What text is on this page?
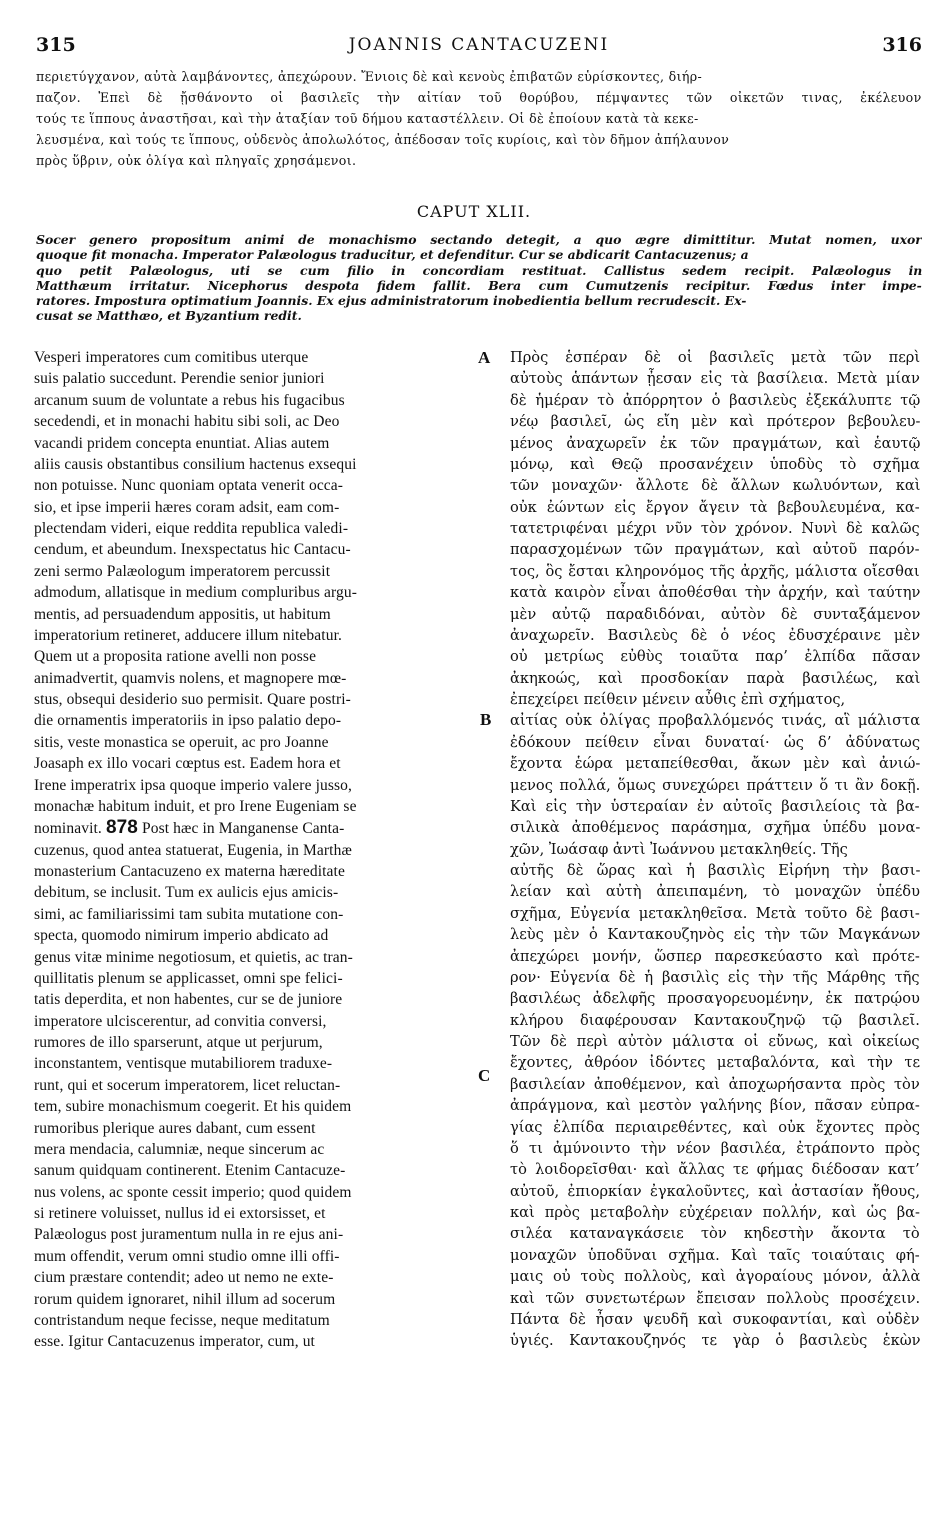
315	JOANNIS CANTACUZENI	316
περιετύγχανον, αὐτὰ λαμβάνοντες, ἀπεχώρουν. Ἔνιοις δὲ καὶ κενοὺς ἐπιβατῶν εὑρίσκοντες, διήρ-
παζον. Ἐπεὶ δὲ ᾔσθάνοντο οἱ βασιλεῖς τὴν αἰτίαν τοῦ θορύβου, πέμψαντες τῶν οἰκετῶν τινας, ἐκέλευον
τούς τε ἵππους ἀναστῆσαι, καὶ τὴν ἀταξίαν τοῦ δήμου καταστέλλειν. Οἱ δὲ ἐποίουν κατὰ τὰ κεκε-
λευσμένα, καὶ τούς τε ἵππους, οὐδενὸς ἀπολωλότος, ἀπέδοσαν τοῖς κυρίοις, καὶ τὸν δῆμον ἀπήλαυνον
πρὸς ὕβριν, οὐκ ὀλίγα καὶ πληγαῖς χρησάμενοι.
CAPUT XLII.
Socer genero propositum animi de monachismo sectando detegit, a quo ægre dimittitur. Mutat nomen, uxor
quoque fit monacha. Imperator Palæologus traducitur, et defenditur. Cur se abdicarit Cantacuzenus; a
quo petit Palæologus, uti se cum filio in concordiam restituat. Callistus sedem recipit. Palæologus in
Matthæum irritatur. Nicephorus despota fidem fallit. Bera cum Cumutzenis recipitur. Fœdus inter impe-
ratores. Impostura optimatium Joannis. Ex ejus administratorum inobedientia bellum recrudescit. Ex-
cusat se Matthæo, et Byzantium redit.
Vesperi imperatores cum comitibus uterque
suis palatio succedunt. Perendie senior juniori
arcanum suum de voluntate a rebus his fugacibus
secedendi, et in monachi habitu sibi soli, ac Deo
vacandi pridem concepta enuntiat. Alias autem
aliis causis obstantibus consilium hactenus exsequi
non potuisse. Nunc quoniam optata venerit occa-
sio, et ipse imperii hæres coram adsit, eam com-
plectendam videri, eique reddita republica valedi-
cendum, et abeundum. Inexspectatus hic Cantacu-
zeni sermo Palæologum imperatorem percussit
admodum, allatisque in medium compluribus argu-
mentis, ad persuadendum appositis, ut habitum
imperatorium retineret, adducere illum nitebatur.
Quem ut a proposita ratione avelli non posse
animadvertit, quamvis nolens, et magnopere mœ-
stus, obsequi desiderio suo permisit. Quare postri-
die ornamentis imperatoriis in ipso palatio depo-
sitis, veste monastica se operuit, ac pro Joanne
Joasaph ex illo vocari cœptus est. Eadem hora et
Irene imperatrix ipsa quoque imperio valere jusso,
monachæ habitum induit, et pro Irene Eugeniam se
nominavit. 878 Post hæc in Manganense Canta-
cuzenus, quod antea statuerat, Eugenia, in Marthæ
monasterium Cantacuzeno ex materna hæreditate
debitum, se inclusit. Tum ex aulicis ejus amicis-
simi, ac familiarissimi tam subita mutatione con-
specta, quomodo nimirum imperio abdicato ad
genus vitæ minime negotiosum, et quietis, ac tran-
quillitatis plenum se applicasset, omni spe felici-
tatis deperdita, et non habentes, cur se de juniore
imperatore ulciscerentur, ad convitia conversi,
rumores de illo sparserunt, atque ut perjurum,
inconstantem, ventisque mutabiliorem traduxe-
runt, qui et socerum imperatorem, licet reluctan-
tem, subire monachismum coegerit. Et his quidem
rumoribus plerique aures dabant, cum essent
mera mendacia, calumniæ, neque sincerum ac
sanum quidquam continerent. Etenim Cantacuze-
nus volens, ac sponte cessit imperio; quod quidem
si retinere voluisset, nullus id ei extorsisset, et
Palæologus post juramentum nulla in re ejus ani-
mum offendit, verum omni studio omne illi offi-
cium præstare contendit; adeo ut nemo ne exte-
rorum quidem ignoraret, nihil illum ad socerum
contristandum neque fecisse, neque meditatum
esse. Igitur Cantacuzenus imperator, cum, ut
A
B
C
Πρὸς ἑσπέραν δὲ οἱ βασιλεῖς μετὰ τῶν περὶ
αὐτοὺς ἁπάντων ᾖεσαν εἰς τὰ βασίλεια. Μετὰ μίαν
δὲ ἡμέραν τὸ ἀπόρρητον ὁ βασιλεὺς ἐξεκάλυπτε τῷ
νέῳ βασιλεῖ, ὡς εἴη μὲν καὶ πρότερον βεβουλευ-
μένος ἀναχωρεῖν ἐκ τῶν πραγμάτων, καὶ ἑαυτῷ
μόνῳ, καὶ Θεῷ προσανέχειν ὑποδὺς τὸ σχῆμα
τῶν μοναχῶν· ἄλλοτε δὲ ἄλλων κωλυόντων, καὶ
οὐκ ἐώντων εἰς ἔργον ἄγειν τὰ βεβουλευμένα, κα-
τατετριφέναι μέχρι νῦν τὸν χρόνον. Νυνὶ δὲ καλῶς
παρασχομένων τῶν πραγμάτων, καὶ αὐτοῦ παρόν-
τος, ὃς ἔσται κληρονόμος τῆς ἀρχῆς, μάλιστα οἴεσθαι
κατὰ καιρὸν εἶναι ἀποθέσθαι τὴν ἀρχήν, καὶ ταύτην
μὲν αὐτῷ παραδιδόναι, αὐτὸν δὲ συνταξάμενον
ἀναχωρεῖν. Βασιλεὺς δὲ ὁ νέος ἐδυσχέραινε μὲν
οὐ μετρίως εὐθὺς τοιαῦτα παρ’ ἐλπίδα πᾶσαν
ἀκηκοώς, καὶ προσδοκίαν παρὰ βασιλέως, καὶ
ἐπεχείρει πείθειν μένειν αὖθις ἐπὶ σχήματος,
αἰτίας οὐκ ὀλίγας προβαλλόμενός τινάς, αἳ μάλιστα
ἐδόκουν πείθειν εἶναι δυναταί· ὡς δ’ ἀδύνατως
ἔχοντα ἑώρα μεταπείθεσθαι, ἄκων μὲν καὶ ἀνιώ-
μενος πολλά, ὅμως συνεχώρει πράττειν ὅ τι ἂν δοκῇ.
Καὶ εἰς τὴν ὑστεραίαν ἐν αὐτοῖς βασιλείοις τὰ βα-
σιλικὰ ἀποθέμενος παράσημα, σχῆμα ὑπέδυ μονα-
χῶν, Ἰωάσαφ ἀντὶ Ἰωάννου μετακληθείς. Τῆς
αὐτῆς δὲ ὥρας καὶ ἡ βασιλὶς Εἰρήνη τὴν βασι-
λείαν καὶ αὐτὴ ἀπειπαμένη, τὸ μοναχῶν ὑπέδυ
σχῆμα, Εὐγενία μετακληθεῖσα. Μετὰ τοῦτο δὲ βασι-
λεὺς μὲν ὁ Καντακουζηνὸς εἰς τὴν τῶν Μαγκάνων
ἀπεχώρει μονήν, ὥσπερ παρεσκεύαστο καὶ πρότε-
ρον· Εὐγενία δὲ ἡ βασιλὶς εἰς τὴν τῆς Μάρθης τῆς
βασιλέως ἀδελφῆς προσαγορευομένην, ἐκ πατρῴου
κλήρου διαφέρουσαν Καντακουζηνῷ τῷ βασιλεῖ.
Τῶν δὲ περὶ αὐτὸν μάλιστα οἱ εὔνως, καὶ οἰκείως
ἔχοντες, ἀθρόον ἰδόντες μεταβαλόντα, καὶ τὴν τε
βασιλείαν ἀποθέμενον, καὶ ἀποχωρήσαντα πρὸς τὸν
ἀπράγμονα, καὶ μεστὸν γαλήνης βίον, πᾶσαν εὐπρα-
γίας ἐλπίδα περιαιρεθέντες, καὶ οὐκ ἔχοντες πρὸς
ὅ τι ἀμύνοιντο τὴν νέον βασιλέα, ἐτράποντο πρὸς
τὸ λοιδορεῖσθαι· καὶ ἄλλας τε φήμας διέδοσαν κατ’
αὐτοῦ, ἐπιορκίαν ἐγκαλοῦντες, καὶ ἀστασίαν ἤθους,
καὶ πρὸς μεταβολὴν εὐχέρειαν πολλήν, καὶ ὡς βα-
σιλέα καταναγκάσειε τὸν κηδεστὴν ἄκοντα τὸ
μοναχῶν ὑποδῦναι σχῆμα. Καὶ ταῖς τοιαύταις φή-
μαις οὐ τοὺς πολλοὺς, καὶ ἀγοραίους μόνον, ἀλλὰ
καὶ τῶν συνετωτέρων ἔπεισαν πολλοὺς προσέχειν.
Πάντα δὲ ἦσαν ψευδῆ καὶ συκοφαντίαι, καὶ οὐδὲν
ὑγιές. Καντακουζηνός τε γὰρ ὁ βασιλεὺς ἑκὼν
